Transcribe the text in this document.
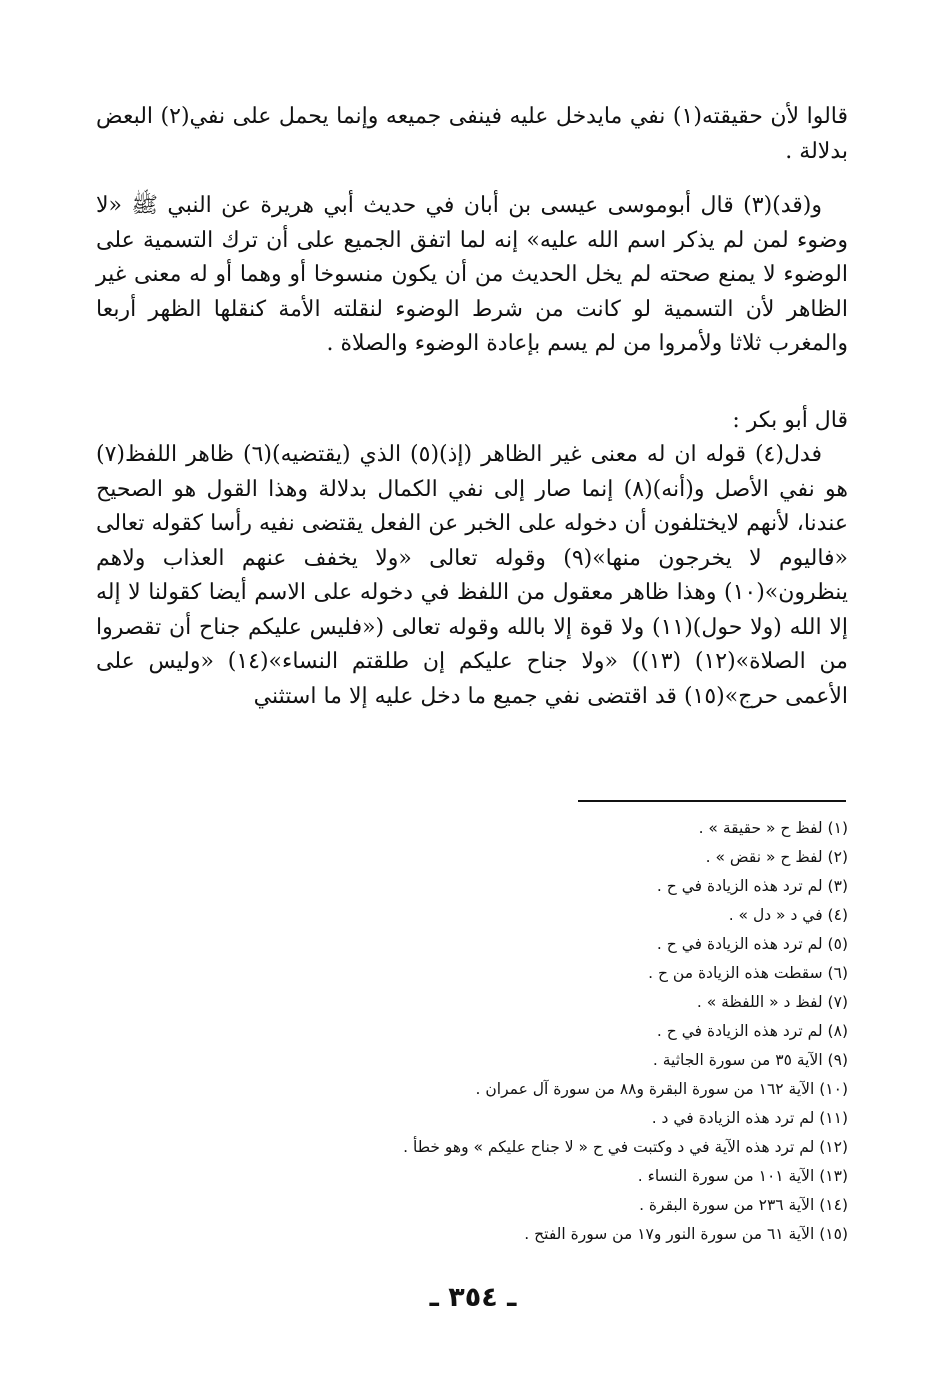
قالوا لأن حقيقته(١) نفي مايدخل عليه فينفى جميعه وإنما يحمل على نفي(٢) البعض بدلالة .

و(قد)(٣) قال أبوموسى عيسى بن أبان في حديث أبي هريرة عن النبي ﷺ «لا وضوء لمن لم يذكر اسم الله عليه» إنه لما اتفق الجميع على أن ترك التسمية على الوضوء لا يمنع صحته لم يخل الحديث من أن يكون منسوخا أو وهما أو له معنى غير الظاهر لأن التسمية لو كانت من شرط الوضوء لنقلته الأمة كنقلها الظهر أربعا والمغرب ثلاثا ولأمروا من لم يسم بإعادة الوضوء والصلاة .

قال أبو بكر :

فدل(٤) قوله ان له معنى غير الظاهر (إذ)(٥) الذي (يقتضيه)(٦) ظاهر اللفظ(٧) هو نفي الأصل و(أنه)(٨) إنما صار إلى نفي الكمال بدلالة وهذا القول هو الصحيح عندنا، لأنهم لايختلفون أن دخوله على الخبر عن الفعل يقتضى نفيه رأسا كقوله تعالى «فاليوم لا يخرجون منها»(٩) وقوله تعالى «ولا يخفف عنهم العذاب ولاهم ينظرون»(١٠) وهذا ظاهر معقول من اللفظ في دخوله على الاسم أيضا كقولنا لا إله إلا الله (ولا حول)(١١) ولا قوة إلا بالله وقوله تعالى («فليس عليكم جناح أن تقصروا من الصلاة»(١٢) (١٣)) «ولا جناح عليكم إن طلقتم النساء»(١٤) «وليس على الأعمى حرج»(١٥) قد اقتضى نفي جميع ما دخل عليه إلا ما استثني

(١) لفظ ح « حقيقة » .
(٢) لفظ ح « نقض » .
(٣) لم ترد هذه الزيادة في ح .
(٤) في د « دل » .
(٥) لم ترد هذه الزيادة في ح .
(٦) سقطت هذه الزيادة من ح .
(٧) لفظ د « اللفظة » .
(٨) لم ترد هذه الزيادة في ح .
(٩) الآية ٣٥ من سورة الجاثية .
(١٠) الآية ١٦٢ من سورة البقرة و٨٨ من سورة آل عمران .
(١١) لم ترد هذه الزيادة في د .
(١٢) لم ترد هذه الآية في د وكتبت في ح « لا جناح عليكم » وهو خطأ .
(١٣) الآية ١٠١ من سورة النساء .
(١٤) الآية ٢٣٦ من سورة البقرة .
(١٥) الآية ٦١ من سورة النور و١٧ من سورة الفتح .
ـ ٣٥٤ ـ
